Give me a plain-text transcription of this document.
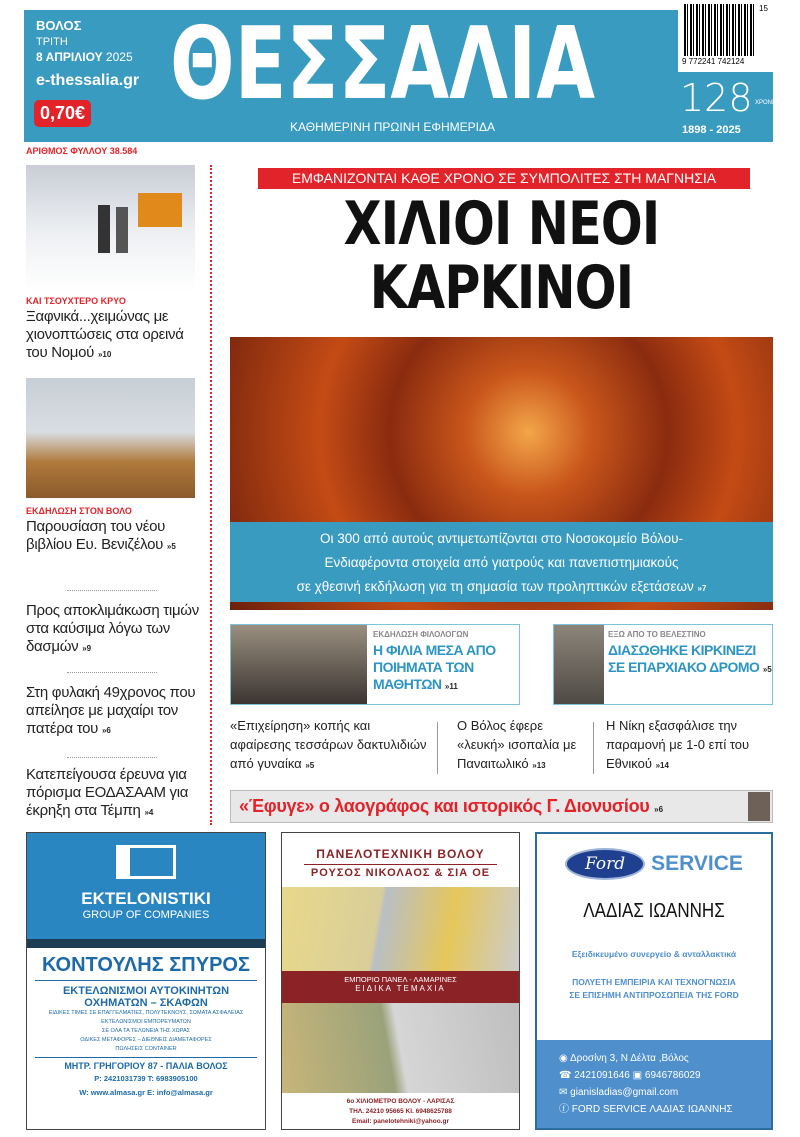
ΒΟΛΟΣ
ΤΡΙΤΗ
8 ΑΠΡΙΛΙΟΥ 2025
e-thessalia.gr
0,70€ ΘΕΣΣΑΛΙΑ
ΚΑΘΗΜΕΡΙΝΗ ΠΡΩΙΝΗ ΕΦΗΜΕΡΙΔΑ
9 772241 742124
15
128 ΧΡΟΝΙΑ
1898 - 2025
ΑΡΙΘΜΟΣ ΦΥΛΛΟΥ 38.584
ΚΑΙ ΤΣΟΥΧΤΕΡΟ ΚΡΥΟ
Ξαφνικά...χειμώνας με χιονοπτώσεις στα ορεινά του Νομού »10
ΕΚΔΗΛΩΣΗ ΣΤΟΝ ΒΟΛΟ
Παρουσίαση του νέου βιβλίου Ευ. Βενιζέλου »5
Προς αποκλιμάκωση τιμών στα καύσιμα λόγω των δασμών »9
Στη φυλακή 49χρονος που απείλησε με μαχαίρι τον πατέρα του »6
Κατεπείγουσα έρευνα για πόρισμα ΕΟΔΑΣΑΑΜ για έκρηξη στα Τέμπη »4
ΕΜΦΑΝΙΖΟΝΤΑΙ ΚΑΘΕ ΧΡΟΝΟ ΣΕ ΣΥΜΠΟΛΙΤΕΣ ΣΤΗ ΜΑΓΝΗΣΙΑ
ΧΙΛΙΟΙ ΝΕΟΙ
ΚΑΡΚΙΝΟΙ
Οι 300 από αυτούς αντιμετωπίζονται στο Νοσοκομείο Βόλου-
Ενδιαφέροντα στοιχεία από γιατρούς και πανεπιστημιακούς
σε χθεσινή εκδήλωση για τη σημασία των προληπτικών εξετάσεων »7
ΕΚΔΗΛΩΣΗ ΦΙΛΟΛΟΓΩΝ
Η ΦΙΛΙΑ ΜΕΣΑ ΑΠΟ ΠΟΙΗΜΑΤΑ ΤΩΝ ΜΑΘΗΤΩΝ »11
ΕΞΩ ΑΠΟ ΤΟ ΒΕΛΕΣΤΙΝΟ
ΔΙΑΣΩΘΗΚΕ ΚΙΡΚΙΝΕΖΙ ΣΕ ΕΠΑΡΧΙΑΚΟ ΔΡΟΜΟ »5
«Επιχείρηση» κοπής και αφαίρεσης τεσσάρων δακτυλιδιών από γυναίκα »5
Ο Βόλος έφερε «λευκή» ισοπαλία με Παναιτωλικό »13
Η Νίκη εξασφάλισε την παραμονή με 1-0 επί του Εθνικού »14
«Έφυγε» ο λαογράφος και ιστορικός Γ. Διονυσίου »6
EKTELONISTIKI
GROUP OF COMPANIES
ΚΟΝΤΟΥΛΗΣ ΣΠΥΡΟΣ
ΕΚΤΕΛΩΝΙΣΜΟΙ ΑΥΤΟΚΙΝΗΤΩΝ
ΟΧΗΜΑΤΩΝ – ΣΚΑΦΩΝ
ΕΙΔΙΚΕΣ ΤΙΜΕΣ ΣΕ ΕΠΑΓΓΕΛΜΑΤΙΕΣ, ΠΟΛΥΤΕΚΝΟΥΣ, ΣΩΜΑΤΑ ΑΣΦΑΛΕΙΑΣ
ΕΚΤΕΛΩΝΙΣΜΟΙ ΕΜΠΟΡΕΥΜΑΤΩΝ
ΣΕ ΟΛΑ ΤΑ ΤΕΛΩΝΕΙΑ ΤΗΣ ΧΩΡΑΣ
ΟΔΙΚΕΣ ΜΕΤΑΦΟΡΕΣ – ΔΙΕΘΝΕΙΣ ΔΙΑΜΕΤΑΦΟΡΕΣ
ΠΩΛΗΣΕΙΣ CONTAINER
ΜΗΤΡ. ΓΡΗΓΟΡΙΟΥ 87 - ΠΑΛΙΑ ΒΟΛΟΣ
P: 2421031739 T: 6983905100
W: www.almasa.gr E: info@almasa.gr
ΠΑΝΕΛΟΤΕΧΝΙΚΗ ΒΟΛΟΥ
ΡΟΥΣΟΣ ΝΙΚΟΛΑΟΣ & ΣΙΑ ΟΕ
ΕΜΠΟΡΙΟ ΠΑΝΕΛ - ΛΑΜΑΡΙΝΕΣ
ΕΙΔΙΚΑ ΤΕΜΑΧΙΑ
6ο ΧΙΛΙΟΜΕΤΡΟ ΒΟΛΟΥ - ΛΑΡΙΣΑΣ
ΤΗΛ. 24210 95665 ΚΙ. 6948625788
Email: panelotehniki@yahoo.gr
Ford	SERVICE
ΛΑΔΙΑΣ ΙΩΑΝΝΗΣ
Εξειδικευμένο συνεργείο & ανταλλακτικά
ΠΟΛΥΕΤΗ ΕΜΠΕΙΡΙΑ ΚΑΙ ΤΕΧΝΟΓΝΩΣΙΑ
ΣΕ ΕΠΙΣΗΜΗ ΑΝΤΙΠΡΟΣΩΠΕΙΑ ΤΗΣ FORD
◉ Δροσίνη 3, Ν Δέλτα ,Βόλος
☎ 2421091646 ▣ 6946786029
✉ gianisladias@gmail.com
ⓕ FORD SERVICE ΛΑΔΙΑΣ ΙΩΑΝΝΗΣ
